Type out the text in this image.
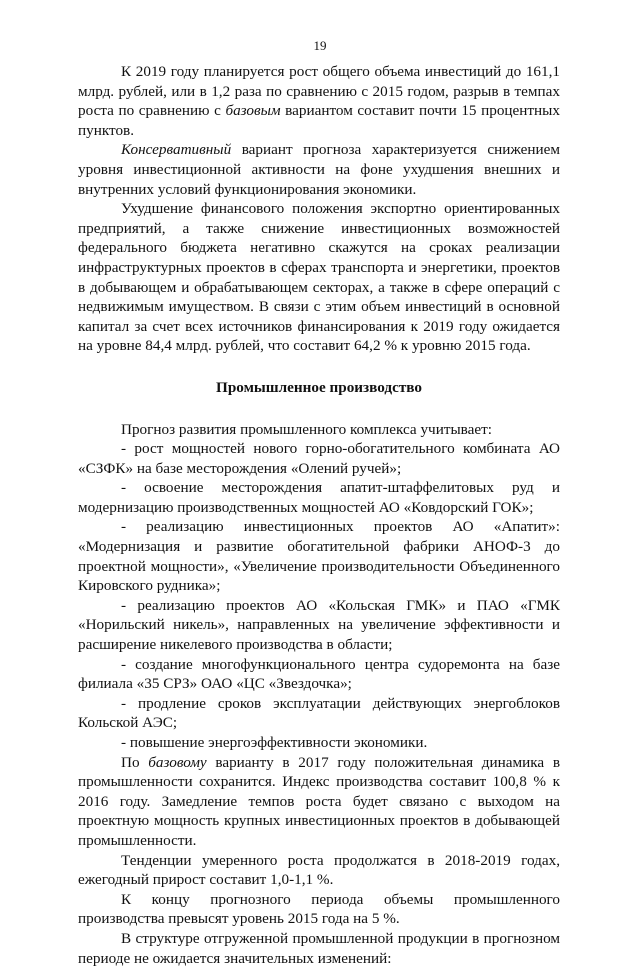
19

К 2019 году планируется рост общего объема инвестиций до 161,1 млрд. рублей, или в 1,2 раза по сравнению с 2015 годом, разрыв в темпах роста по сравнению с базовым вариантом составит почти 15 процентных пунктов.

Консервативный вариант прогноза характеризуется снижением уровня инвестиционной активности на фоне ухудшения внешних и внутренних условий функционирования экономики.

Ухудшение финансового положения экспортно ориентированных предприятий, а также снижение инвестиционных возможностей федерального бюджета негативно скажутся на сроках реализации инфраструктурных проектов в сферах транспорта и энергетики, проектов в добывающем и обрабатывающем секторах, а также в сфере операций с недвижимым имуществом. В связи с этим объем инвестиций в основной капитал за счет всех источников финансирования к 2019 году ожидается на уровне 84,4 млрд. рублей, что составит 64,2 % к уровню 2015 года.

Промышленное производство

Прогноз развития промышленного комплекса учитывает:

- рост мощностей нового горно-обогатительного комбината АО «СЗФК» на базе месторождения «Олений ручей»;

- освоение месторождения апатит-штаффелитовых руд и модернизацию производственных мощностей АО «Ковдорский ГОК»;

- реализацию инвестиционных проектов АО «Апатит»: «Модернизация и развитие обогатительной фабрики АНОФ-3 до проектной мощности», «Увеличение производительности Объединенного Кировского рудника»;

- реализацию проектов АО «Кольская ГМК» и ПАО «ГМК «Норильский никель», направленных на увеличение эффективности и расширение никелевого производства в области;

- создание многофункционального центра судоремонта на базе филиала «35 СРЗ» ОАО «ЦС «Звездочка»;

- продление сроков эксплуатации действующих энергоблоков Кольской АЭС;

- повышение энергоэффективности экономики.

По базовому варианту в 2017 году положительная динамика в промышленности сохранится. Индекс производства составит 100,8 % к 2016 году. Замедление темпов роста будет связано с выходом на проектную мощность крупных инвестиционных проектов в добывающей промышленности.

Тенденции умеренного роста продолжатся в 2018-2019 годах, ежегодный прирост составит 1,0-1,1 %.

К концу прогнозного периода объемы промышленного производства превысят уровень 2015 года на 5 %.

В структуре отгруженной промышленной продукции в прогнозном периоде не ожидается значительных изменений:
